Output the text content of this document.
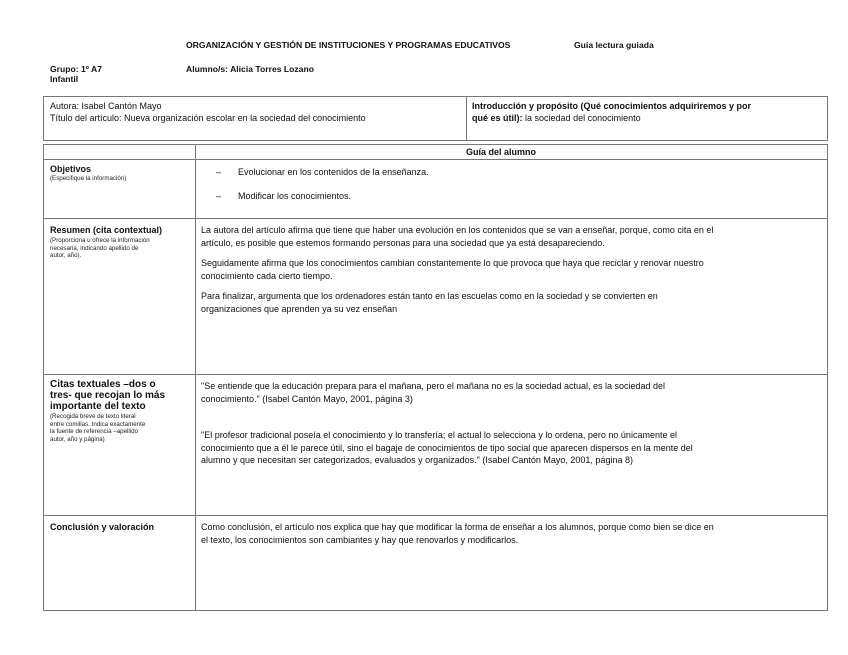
ORGANIZACIÓN Y GESTIÓN DE INSTITUCIONES Y PROGRAMAS EDUCATIVOS	Guía lectura guiada
Grupo: 1º A7
Infantil
Alumno/s: Alicia Torres Lozano
Autora: Isabel Cantón Mayo
Título del artículo: Nueva organización escolar en la sociedad del conocimiento
Introducción y propósito (Qué conocimientos adquiriremos y por
qué es útil): la sociedad del conocimiento
Guía del alumno
Objetivos
(Especifique la información)
– Evolucionar en los contenidos de la enseñanza.
– Modificar los conocimientos.
Resumen (cita contextual)
(Proporciona u ofrece la información
necesaria, indicando apellido de
autor, año).

La autora del artículo afirma que tiene que haber una evolución en los contenidos que se van a enseñar, porque, como cita en el

artículo, es posible que estemos formando personas para una sociedad que ya está desapareciendo.

Seguidamente afirma que los conocimientos cambian constantemente lo que provoca que haya que reciclar y renovar nuestro

conocimiento cada cierto tiempo.

Para finalizar, argumenta que los ordenadores están tanto en las escuelas como en la sociedad y se convierten en

organizaciones que aprenden ya su vez enseñan

Citas textuales –dos o
tres- que recojan lo más
importante del texto
(Recogida breve de texto literal
entre comillas. Indica exactamente
la fuente de referencia –apellido
autor, año y página)

"Se entiende que la educación prepara para el mañana, pero el mañana no es la sociedad actual, es la sociedad del

conocimiento." (Isabel Cantón Mayo, 2001, página 3)

"El profesor tradicional poseía el conocimiento y lo transfería; el actual lo selecciona y lo ordena, pero no únicamente el

conocimiento que a él le parece útil, sino el bagaje de conocimientos de tipo social que aparecen dispersos en la mente del

alumno y que necesitan ser categorizados, evaluados y organizados." (Isabel Cantón Mayo, 2001, página 8)

Conclusión y valoración	Como conclusión, el artículo nos explica que hay que modificar la forma de enseñar a los alumnos, porque como bien se dice en

el texto, los conocimientos son cambiantes y hay que renovarlos y modificarlos.
